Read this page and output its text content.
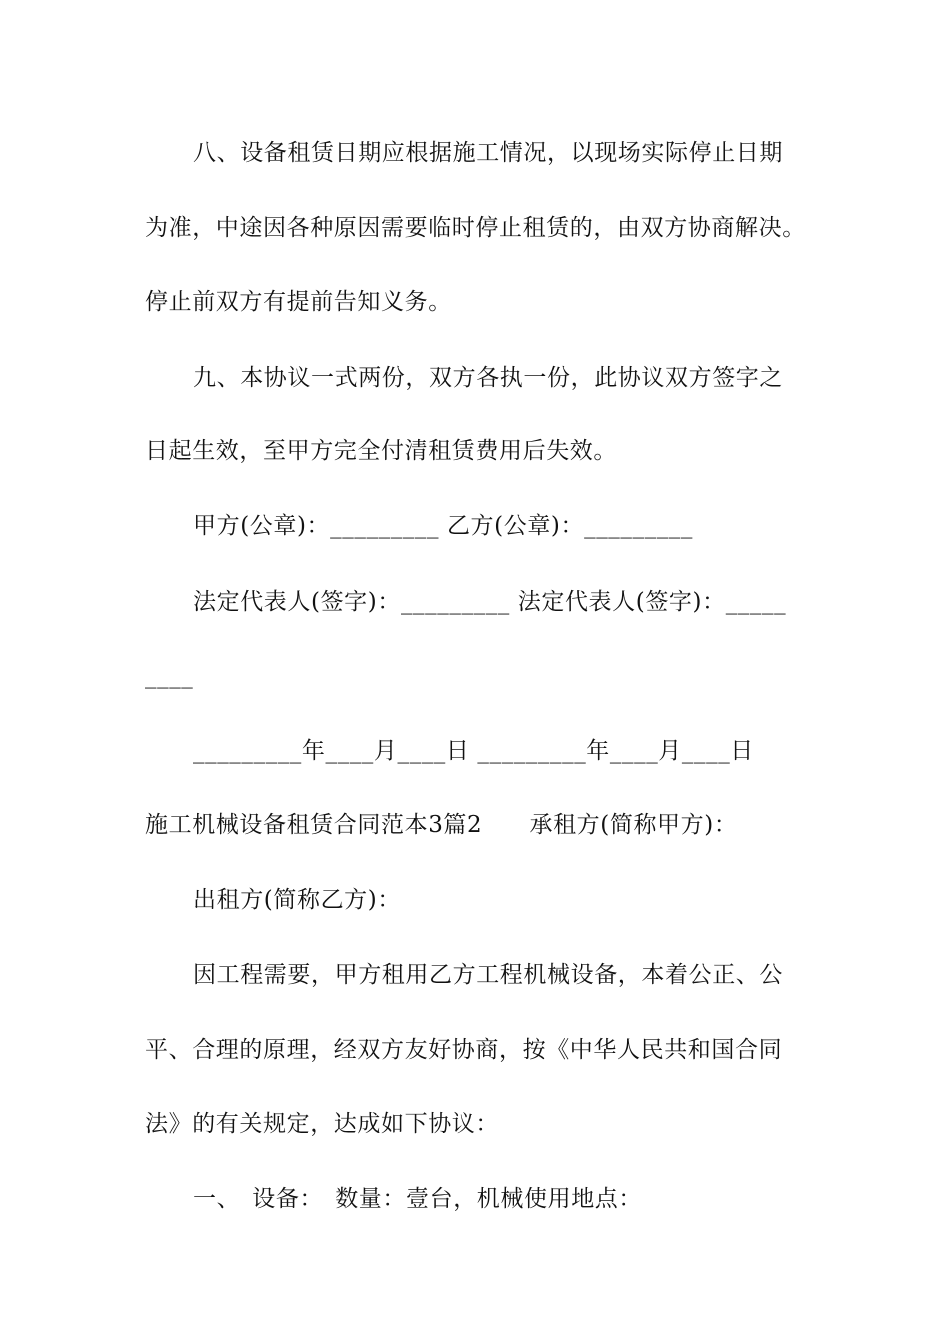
八、设备租赁日期应根据施工情况，以现场实际停止日期
为准，中途因各种原因需要临时停止租赁的，由双方协商解决。
停止前双方有提前告知义务。
九、本协议一式两份，双方各执一份，此协议双方签字之
日起生效，至甲方完全付清租赁费用后失效。
甲方(公章)：_________ 乙方(公章)：_________
法定代表人(签字)：_________ 法定代表人(签字)：_____
____
_________年____月____日 _________年____月____日
施工机械设备租赁合同范本3篇2　　承租方(简称甲方)：
出租方(简称乙方)：
因工程需要，甲方租用乙方工程机械设备，本着公正、公
平、合理的原理，经双方友好协商，按《中华人民共和国合同
法》的有关规定，达成如下协议：
一、　设备：　数量：壹台，机械使用地点：
